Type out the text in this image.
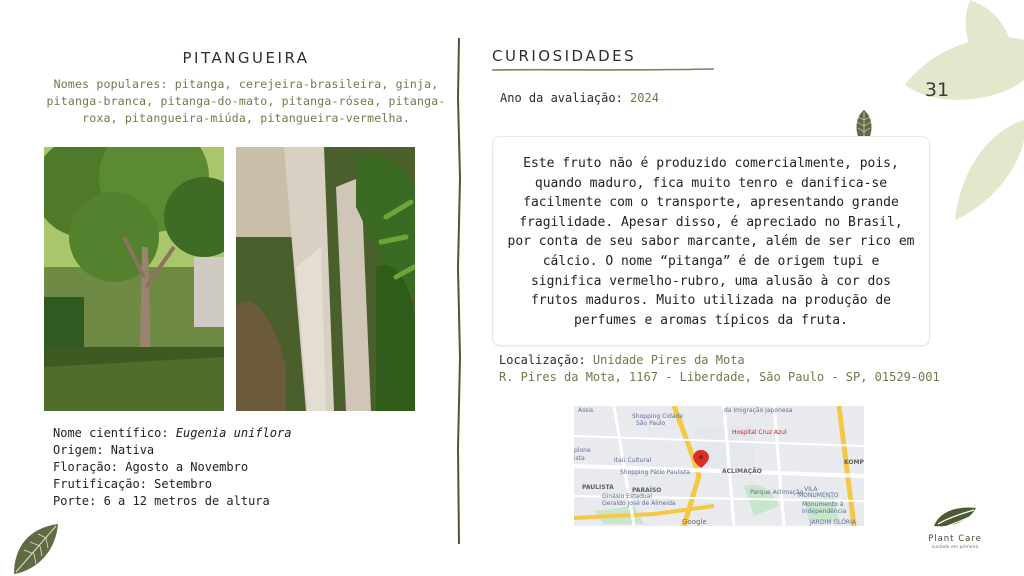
31
PITANGUEIRA
Nomes populares: pitanga, cerejeira-brasileira, ginja, pitanga-branca, pitanga-do-mato, pitanga-rósea, pitanga-roxa, pitangueira-miúda, pitangueira-vermelha.
Nome científico: Eugenia uniflora
Origem: Nativa
Floração: Agosto a Novembro
Frutificação: Setembro
Porte: 6 a 12 metros de altura
CURIOSIDADES
Ano da avaliação: 2024
Este fruto não é produzido comercialmente, pois, quando maduro, fica muito tenro e danifica-se facilmente com o transporte, apresentando grande fragilidade. Apesar disso, é apreciado no Brasil, por conta de seu sabor marcante, além de ser rico em cálcio. O nome “pitanga” é de origem tupi e significa vermelho-rubro, uma alusão à cor dos frutos maduros. Muito utilizada na produção de perfumes e aromas típicos da fruta.
Localização: Unidade Pires da Mota
R. Pires da Mota, 1167 - Liberdade, São Paulo - SP, 01529-001
Assis	da Imigração Japonesa
Shopping Cidade
São Paulo
Itaú Cultural
Shopping Pátio Paulista
Parque Aclimação VILA
MONUMENTO
Monumento à
Independência
Ginásio Estadual
Geraldo José de Almeida
plone
ista
JARDIM GLÓRIA
ACLIMAÇÃO
PAULISTA	PARAÍSO
KOMP
Hospital Cruz Azul
Google
Plant Care
cuidado em primeiro
